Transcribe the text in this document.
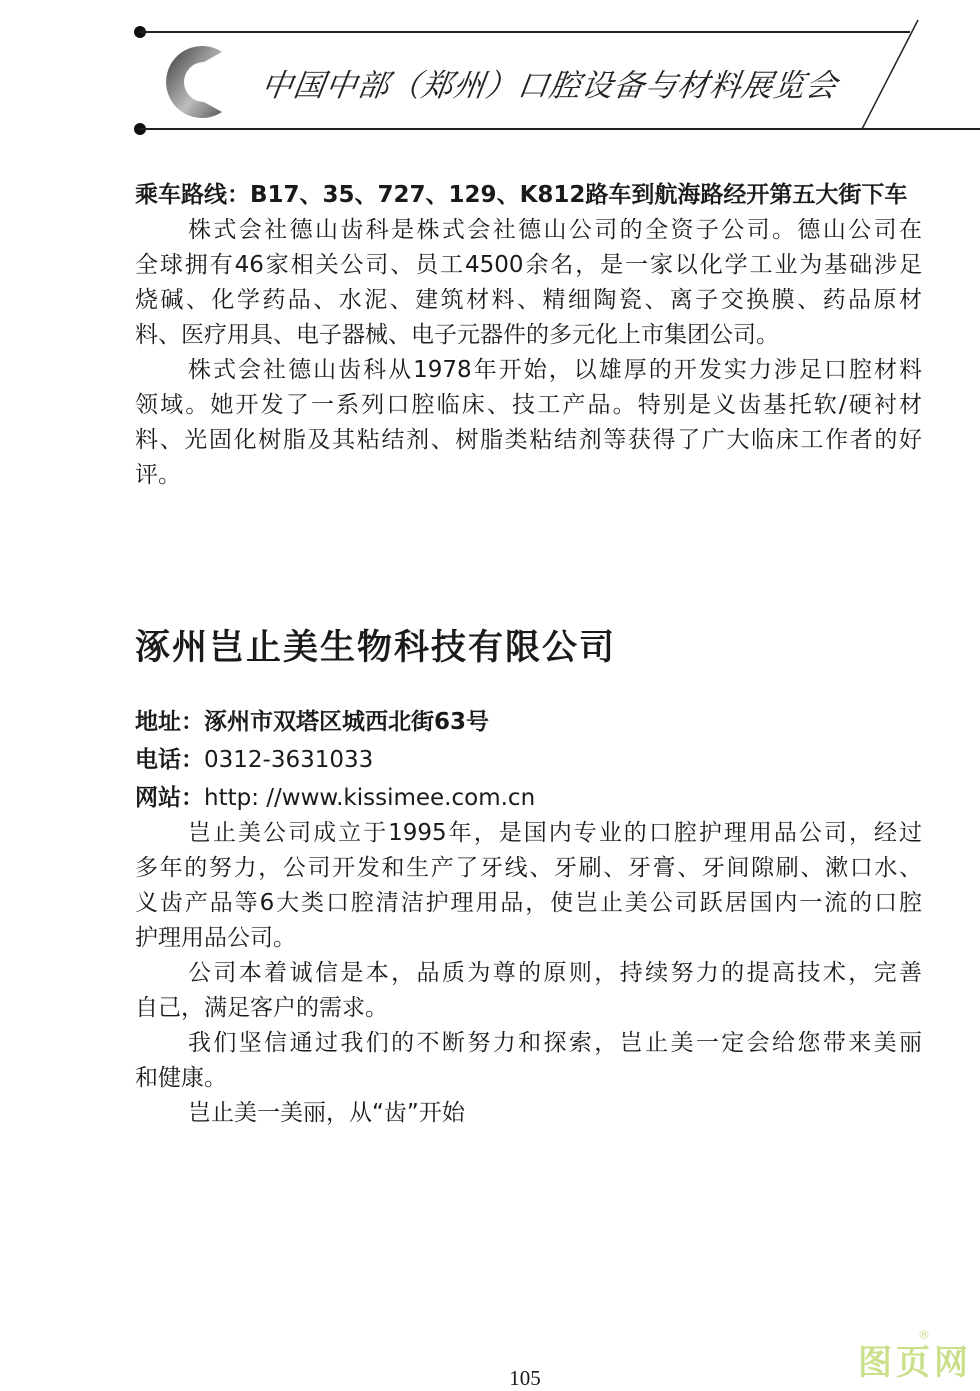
中国中部（郑州）口腔设备与材料展览会
乘车路线：B17、35、727、129、K812路车到航海路经开第五大街下车
株式会社德山齿科是株式会社德山公司的全资子公司。德山公司在
全球拥有46家相关公司、员工4500余名，是一家以化学工业为基础涉足
烧碱、化学药品、水泥、建筑材料、精细陶瓷、离子交换膜、药品原材
料、医疗用具、电子器械、电子元器件的多元化上市集团公司。
株式会社德山齿科从1978年开始，以雄厚的开发实力涉足口腔材料
领域。她开发了一系列口腔临床、技工产品。特别是义齿基托软/硬衬材
料、光固化树脂及其粘结剂、树脂类粘结剂等获得了广大临床工作者的好
评。
涿州岂止美生物科技有限公司
地址：涿州市双塔区城西北街63号
电话：0312-3631033
网站：http: //www.kissimee.com.cn
岂止美公司成立于1995年，是国内专业的口腔护理用品公司，经过
多年的努力，公司开发和生产了牙线、牙刷、牙膏、牙间隙刷、漱口水、
义齿产品等6大类口腔清洁护理用品，使岂止美公司跃居国内一流的口腔
护理用品公司。
公司本着诚信是本，品质为尊的原则，持续努力的提高技术，完善
自己，满足客户的需求。
我们坚信通过我们的不断努力和探索，岂止美一定会给您带来美丽
和健康。
岂止美一美丽，从“齿”开始
105	图页网
®
